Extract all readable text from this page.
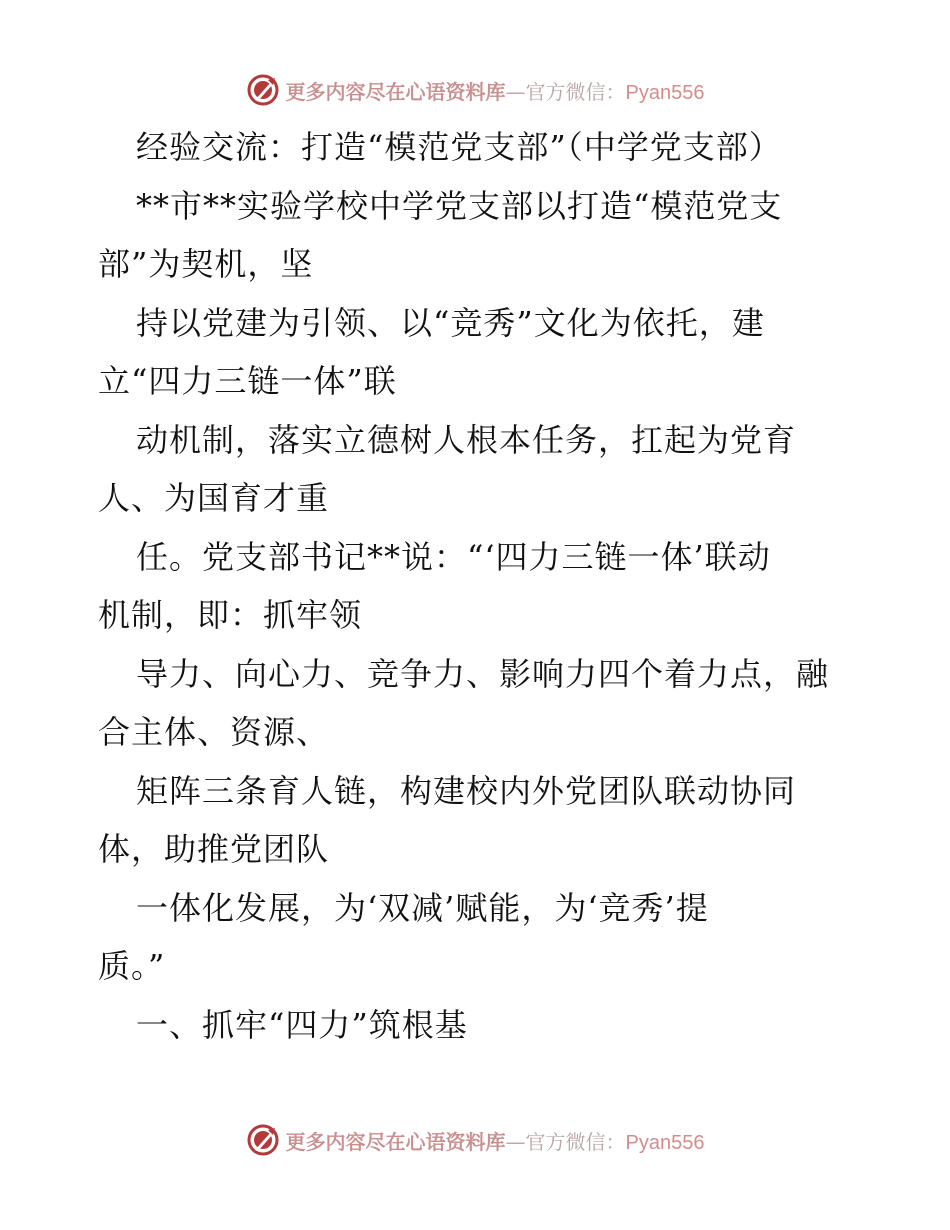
更多内容尽在心语资料库—官方微信：Pyan556
经验交流：打造“模范党支部”（中学党支部）
**市**实验学校中学党支部以打造“模范党支
部”为契机，坚
持以党建为引领、以“竞秀”文化为依托，建
立“四力三链一体”联
动机制，落实立德树人根本任务，扛起为党育
人、为国育才重
任。党支部书记**说：“‘四力三链一体’联动
机制，即：抓牢领
导力、向心力、竞争力、影响力四个着力点，融
合主体、资源、
矩阵三条育人链，构建校内外党团队联动协同
体，助推党团队
一体化发展，为‘双减’赋能，为‘竞秀’提
质。”
一、抓牢“四力”筑根基
更多内容尽在心语资料库—官方微信：Pyan556
